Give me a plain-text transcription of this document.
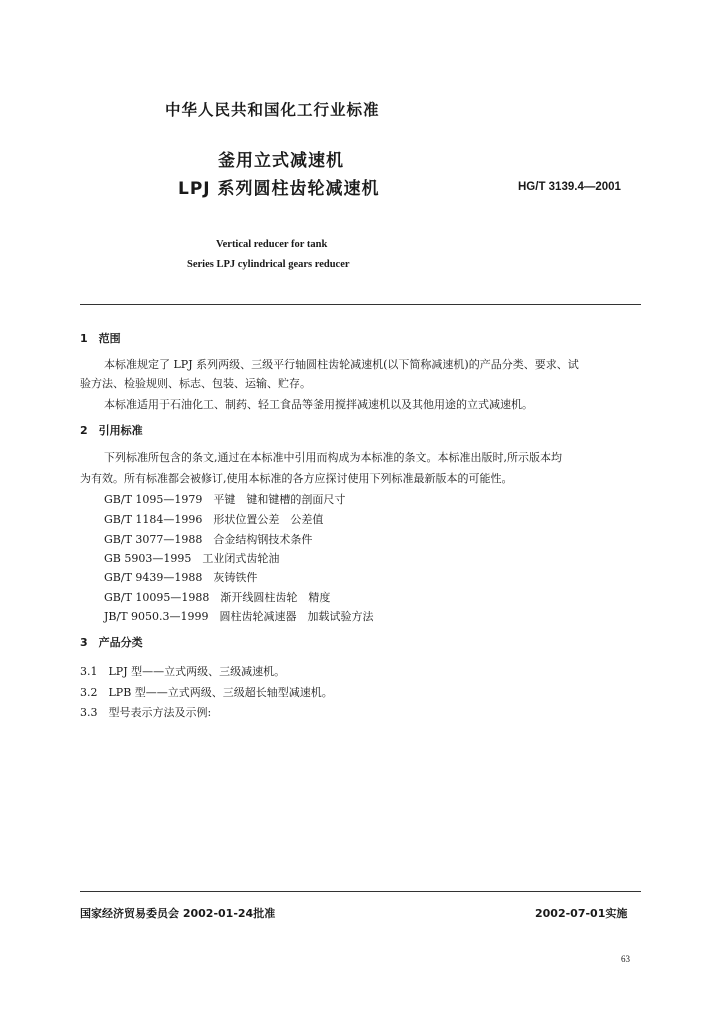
中华人民共和国化工行业标准
釜用立式减速机
LPJ 系列圆柱齿轮减速机	HG/T 3139.4—2001
Vertical reducer for tank
Series LPJ cylindrical gears reducer
1　范围
本标准规定了 LPJ 系列两级、三级平行轴圆柱齿轮减速机(以下简称减速机)的产品分类、要求、试
验方法、检验规则、标志、包装、运输、贮存。
本标准适用于石油化工、制药、轻工食品等釜用搅拌减速机以及其他用途的立式减速机。
2　引用标准
下列标准所包含的条文,通过在本标准中引用而构成为本标准的条文。本标准出版时,所示版本均
为有效。所有标准都会被修订,使用本标准的各方应探讨使用下列标准最新版本的可能性。
GB/T 1095—1979　平键　键和键槽的剖面尺寸
GB/T 1184—1996　形状位置公差　公差值
GB/T 3077—1988　合金结构钢技术条件
GB 5903—1995　工业闭式齿轮油
GB/T 9439—1988　灰铸铁件
GB/T 10095—1988　渐开线圆柱齿轮　精度
JB/T 9050.3—1999　圆柱齿轮减速器　加载试验方法
3　产品分类
3.1　LPJ 型——立式两级、三级减速机。
3.2　LPB 型——立式两级、三级超长轴型减速机。
3.3　型号表示方法及示例:
国家经济贸易委员会 2002-01-24批准	2002-07-01实施
63
